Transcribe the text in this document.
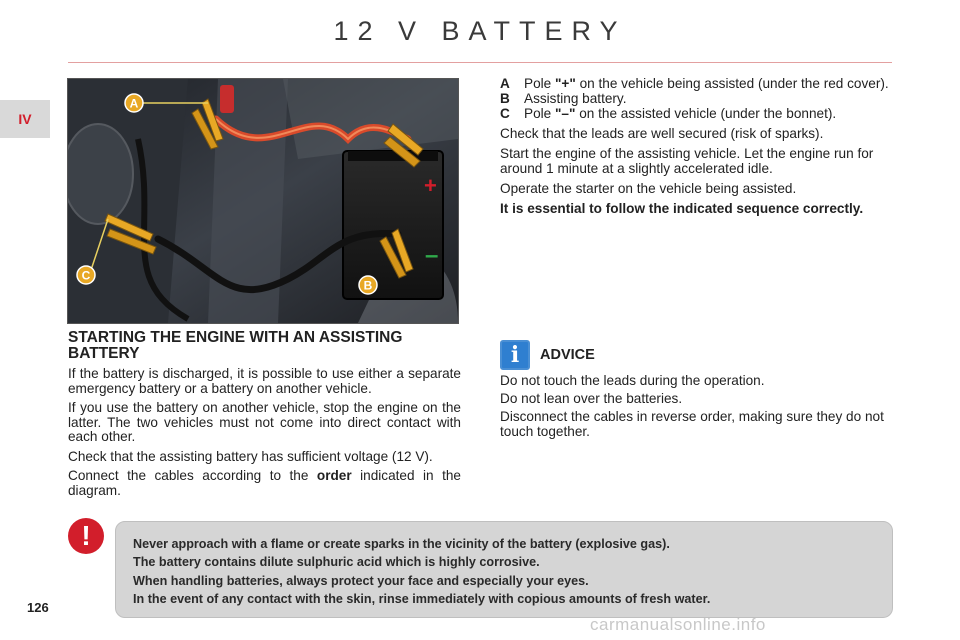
12 V BATTERY
IV
126
+
–
A
B
C
A	Pole "+" on the vehicle being assisted (under the red cover).
B	Assisting battery.
C	Pole "–" on the assisted vehicle (under the bonnet).
Check that the leads are well secured (risk of sparks).
Start the engine of the assisting vehicle. Let the engine run for around 1 minute at a slightly accelerated idle.
Operate the starter on the vehicle being assisted.
It is essential to follow the indicated sequence correctly.
STARTING THE ENGINE WITH AN ASSISTING BATTERY
If the battery is discharged, it is possible to use either a separate emergency battery or a battery on another vehicle.
If you use the battery on another vehicle, stop the engine on the latter. The two vehicles must not come into direct contact with each other.
Check that the assisting battery has sufficient voltage (12 V).
Connect the cables according to the order indicated in the diagram.
i	ADVICE
Do not touch the leads during the operation.
Do not lean over the batteries.
Disconnect the cables in reverse order, making sure they do not touch together.
!	Never approach with a flame or create sparks in the vicinity of the battery (explosive gas).
The battery contains dilute sulphuric acid which is highly corrosive.
When handling batteries, always protect your face and especially your eyes.
In the event of any contact with the skin, rinse immediately with copious amounts of fresh water.
carmanualsonline.info
